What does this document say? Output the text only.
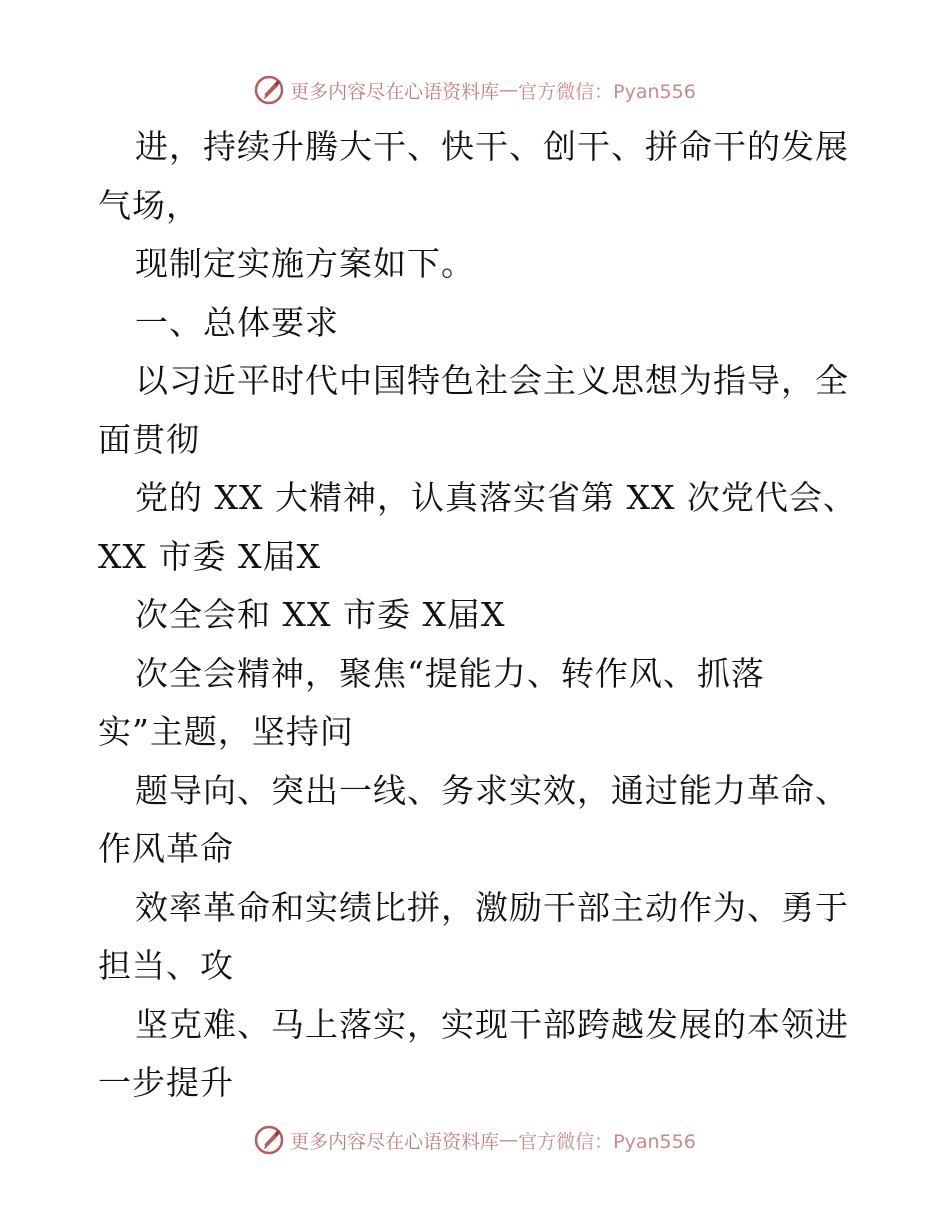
更多内容尽在心语资料库 — 官方微信：Pyan556

进，持续升腾大干、快干、创干、拼命干的发展

气场，

现制定实施方案如下。

一、总体要求

以习近平时代中国特色社会主义思想为指导，全

面贯彻

党的 XX 大精神，认真落实省第 XX 次党代会、

XX 市委 X届X

次全会和 XX 市委 X届X

次全会精神，聚焦“提能力、转作风、抓落

实”主题，坚持问

题导向、突出一线、务求实效，通过能力革命、

作风革命

效率革命和实绩比拼，激励干部主动作为、勇于

担当、攻

坚克难、马上落实，实现干部跨越发展的本领进

一步提升

更多内容尽在心语资料库 — 官方微信：Pyan556
